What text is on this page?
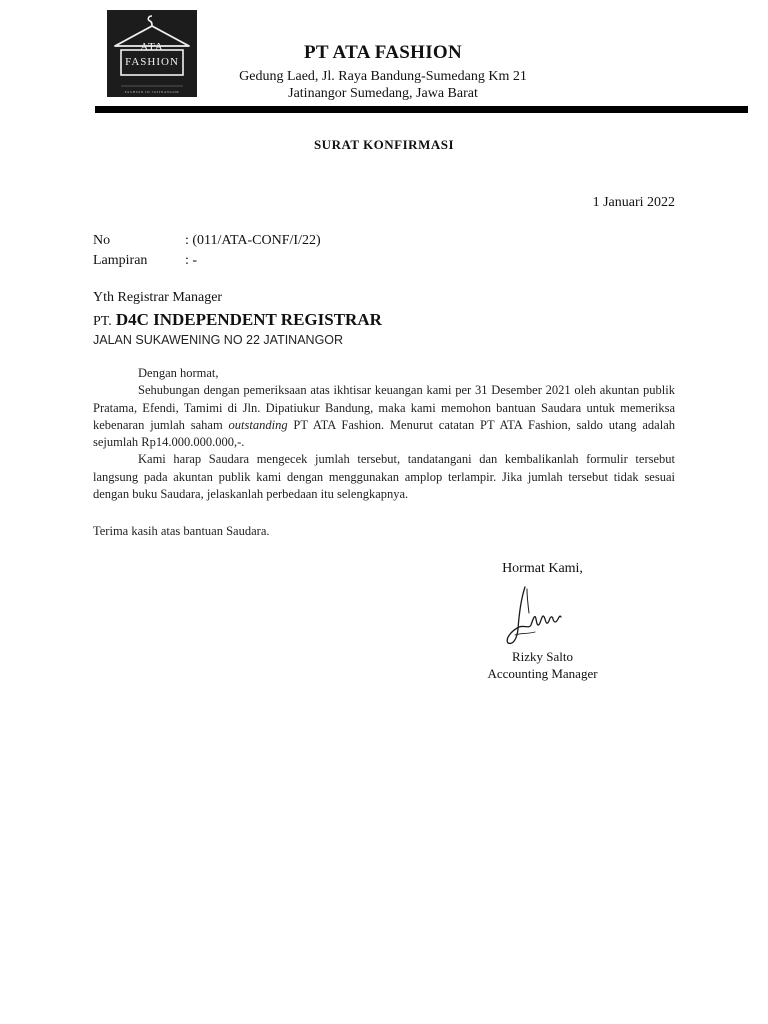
ATA
FASHION
FASHION IN JATINANGOR
PT ATA FASHION
Gedung Laed, Jl. Raya Bandung-Sumedang Km 21
Jatinangor Sumedang, Jawa Barat
SURAT KONFIRMASI
1 Januari 2022
No	: (011/ATA-CONF/I/22)
Lampiran	: -
Yth Registrar Manager
PT. D4C INDEPENDENT REGISTRAR
JALAN SUKAWENING NO 22 JATINANGOR

Dengan hormat,

Sehubungan dengan pemeriksaan atas ikhtisar keuangan kami per 31 Desember 2021 oleh akuntan publik Pratama, Efendi, Tamimi di Jln. Dipatiukur Bandung, maka kami memohon bantuan Saudara untuk memeriksa kebenaran jumlah saham outstanding PT ATA Fashion. Menurut catatan PT ATA Fashion, saldo utang adalah sejumlah Rp14.000.000.000,-.

Kami harap Saudara mengecek jumlah tersebut, tandatangani dan kembalikanlah formulir tersebut langsung pada akuntan publik kami dengan menggunakan amplop terlampir. Jika jumlah tersebut tidak sesuai dengan buku Saudara, jelaskanlah perbedaan itu selengkapnya.

Terima kasih atas bantuan Saudara.
Hormat Kami,
Rizky Salto
Accounting Manager
